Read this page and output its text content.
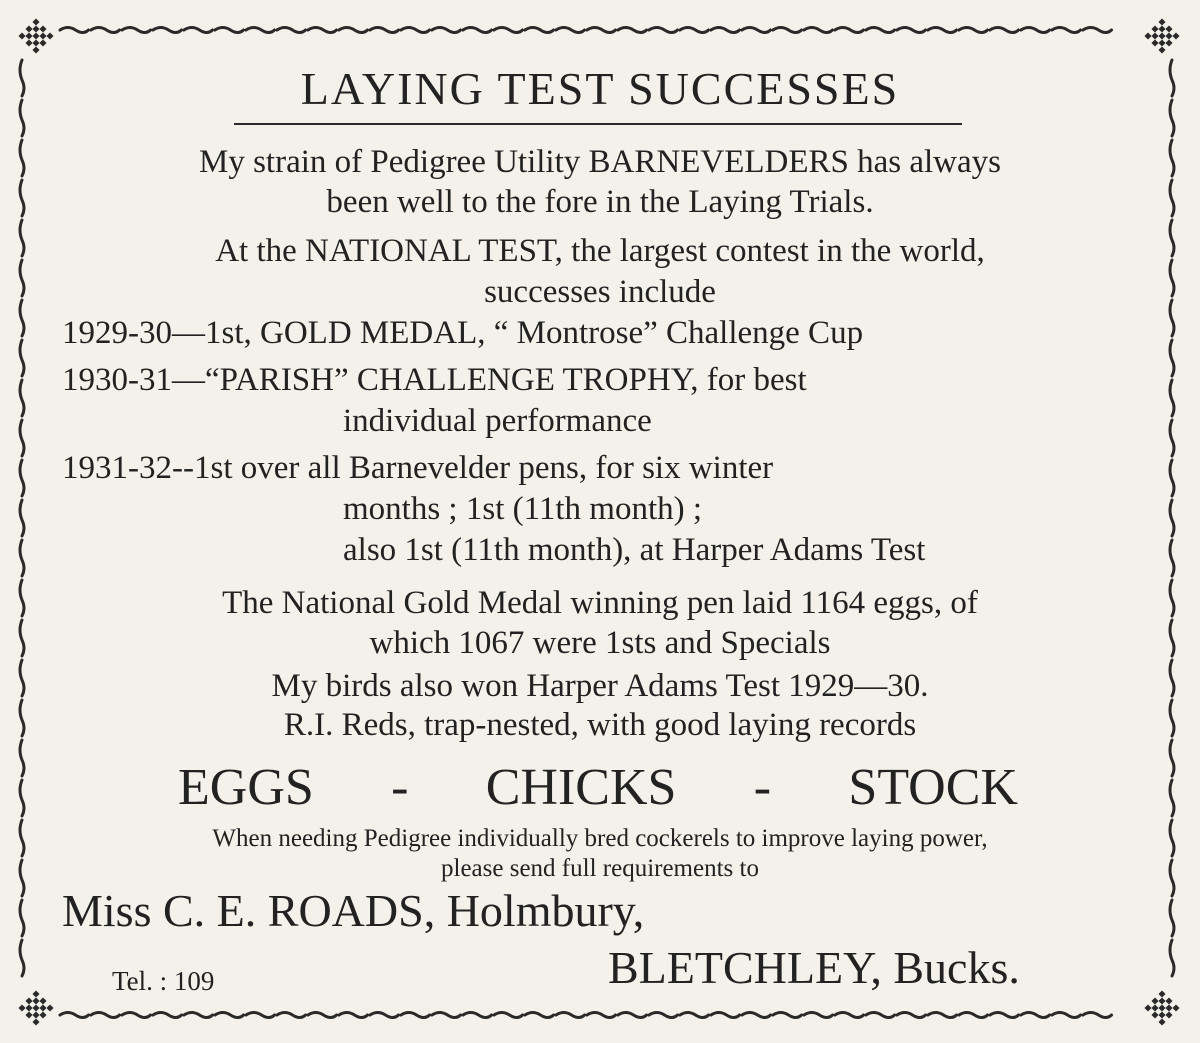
LAYING TEST SUCCESSES
My strain of Pedigree Utility BARNEVELDERS has always
been well to the fore in the Laying Trials.
At the NATIONAL TEST, the largest contest in the world,
successes include
1929-30—1st, GOLD MEDAL, “ Montrose” Challenge Cup
1930-31—“PARISH” CHALLENGE TROPHY, for best
individual performance
1931-32--1st over all Barnevelder pens, for six winter
months ; 1st (11th month) ;
also 1st (11th month), at Harper Adams Test
The National Gold Medal winning pen laid 1164 eggs, of
which 1067 were 1sts and Specials
My birds also won Harper Adams Test 1929—30.
R.I. Reds, trap-nested, with good laying records
EGGS - CHICKS - STOCK
When needing Pedigree individually bred cockerels to improve laying power,
please send full requirements to
Miss C. E. ROADS, Holmbury,
Tel. : 109	BLETCHLEY, Bucks.
